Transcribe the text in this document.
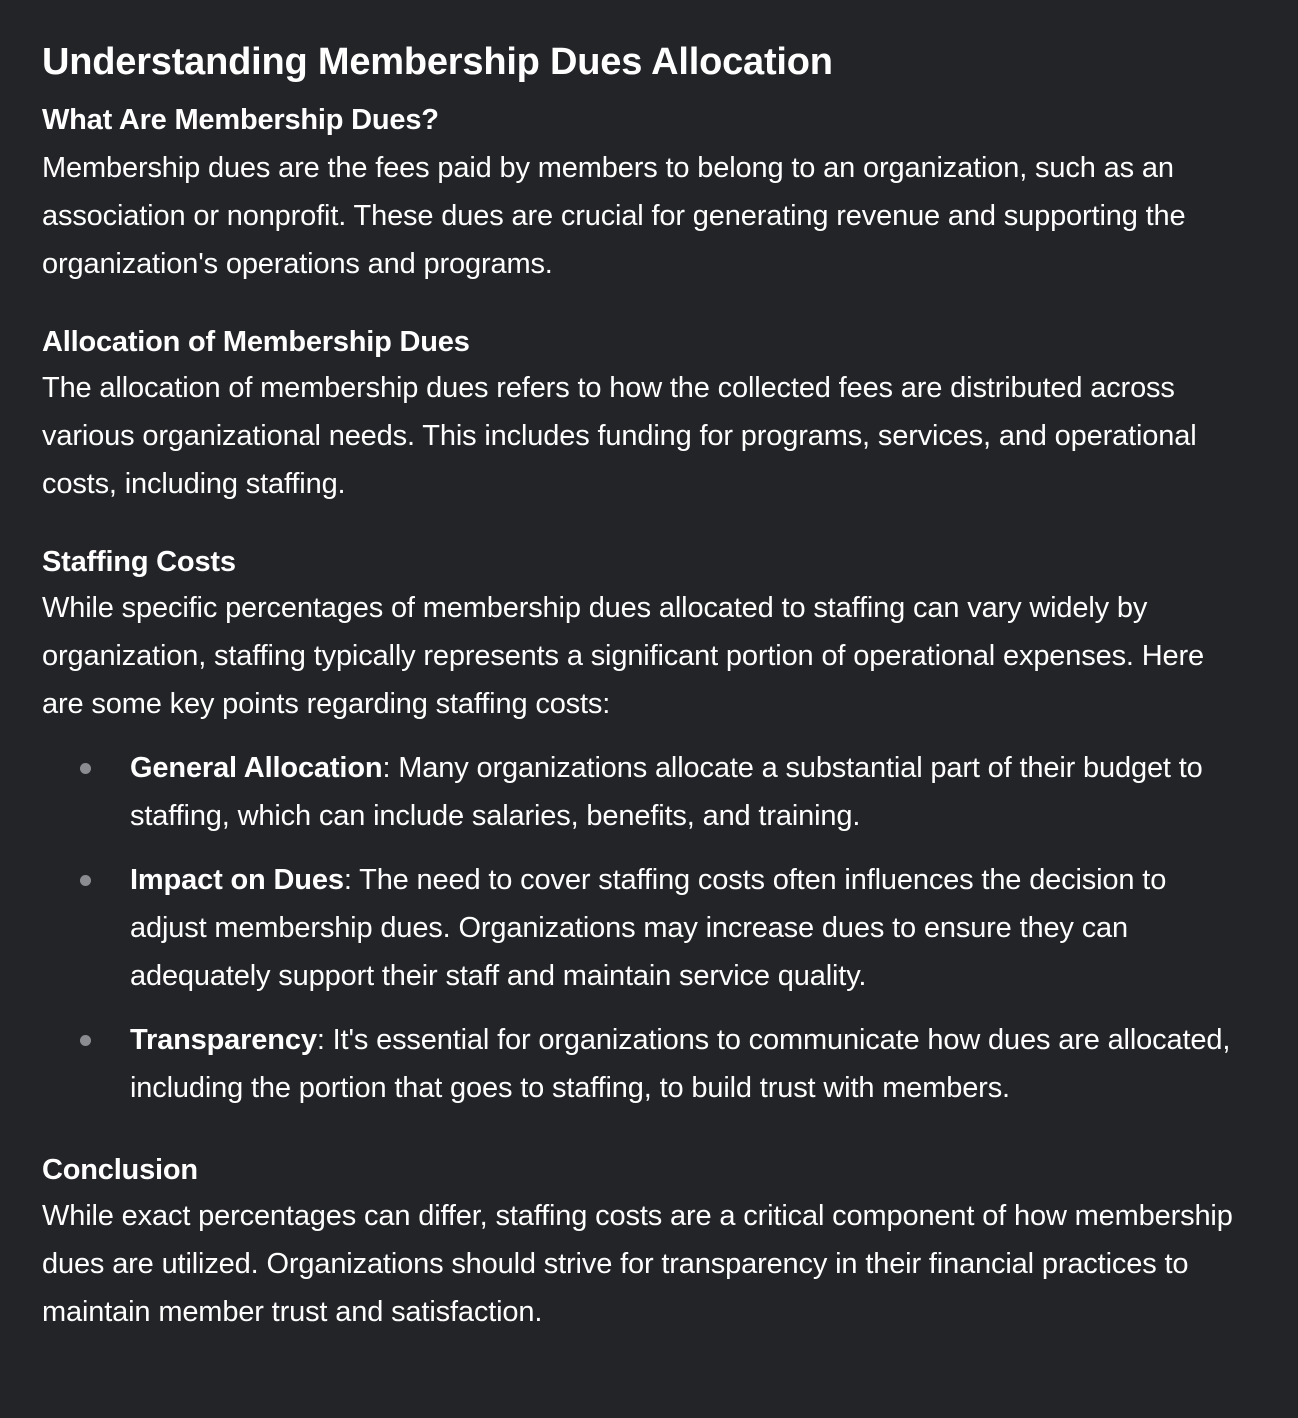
Understanding Membership Dues Allocation
What Are Membership Dues?

Membership dues are the fees paid by members to belong to an organization, such as an association or nonprofit. These dues are crucial for generating revenue and supporting the organization's operations and programs.

Allocation of Membership Dues

The allocation of membership dues refers to how the collected fees are distributed across various organizational needs. This includes funding for programs, services, and operational costs, including staffing.

Staffing Costs

While specific percentages of membership dues allocated to staffing can vary widely by organization, staffing typically represents a significant portion of operational expenses. Here are some key points regarding staffing costs:

General Allocation: Many organizations allocate a substantial part of their budget to staffing, which can include salaries, benefits, and training.
Impact on Dues: The need to cover staffing costs often influences the decision to adjust membership dues. Organizations may increase dues to ensure they can adequately support their staff and maintain service quality.
Transparency: It's essential for organizations to communicate how dues are allocated, including the portion that goes to staffing, to build trust with members.
Conclusion

While exact percentages can differ, staffing costs are a critical component of how membership dues are utilized. Organizations should strive for transparency in their financial practices to maintain member trust and satisfaction.
